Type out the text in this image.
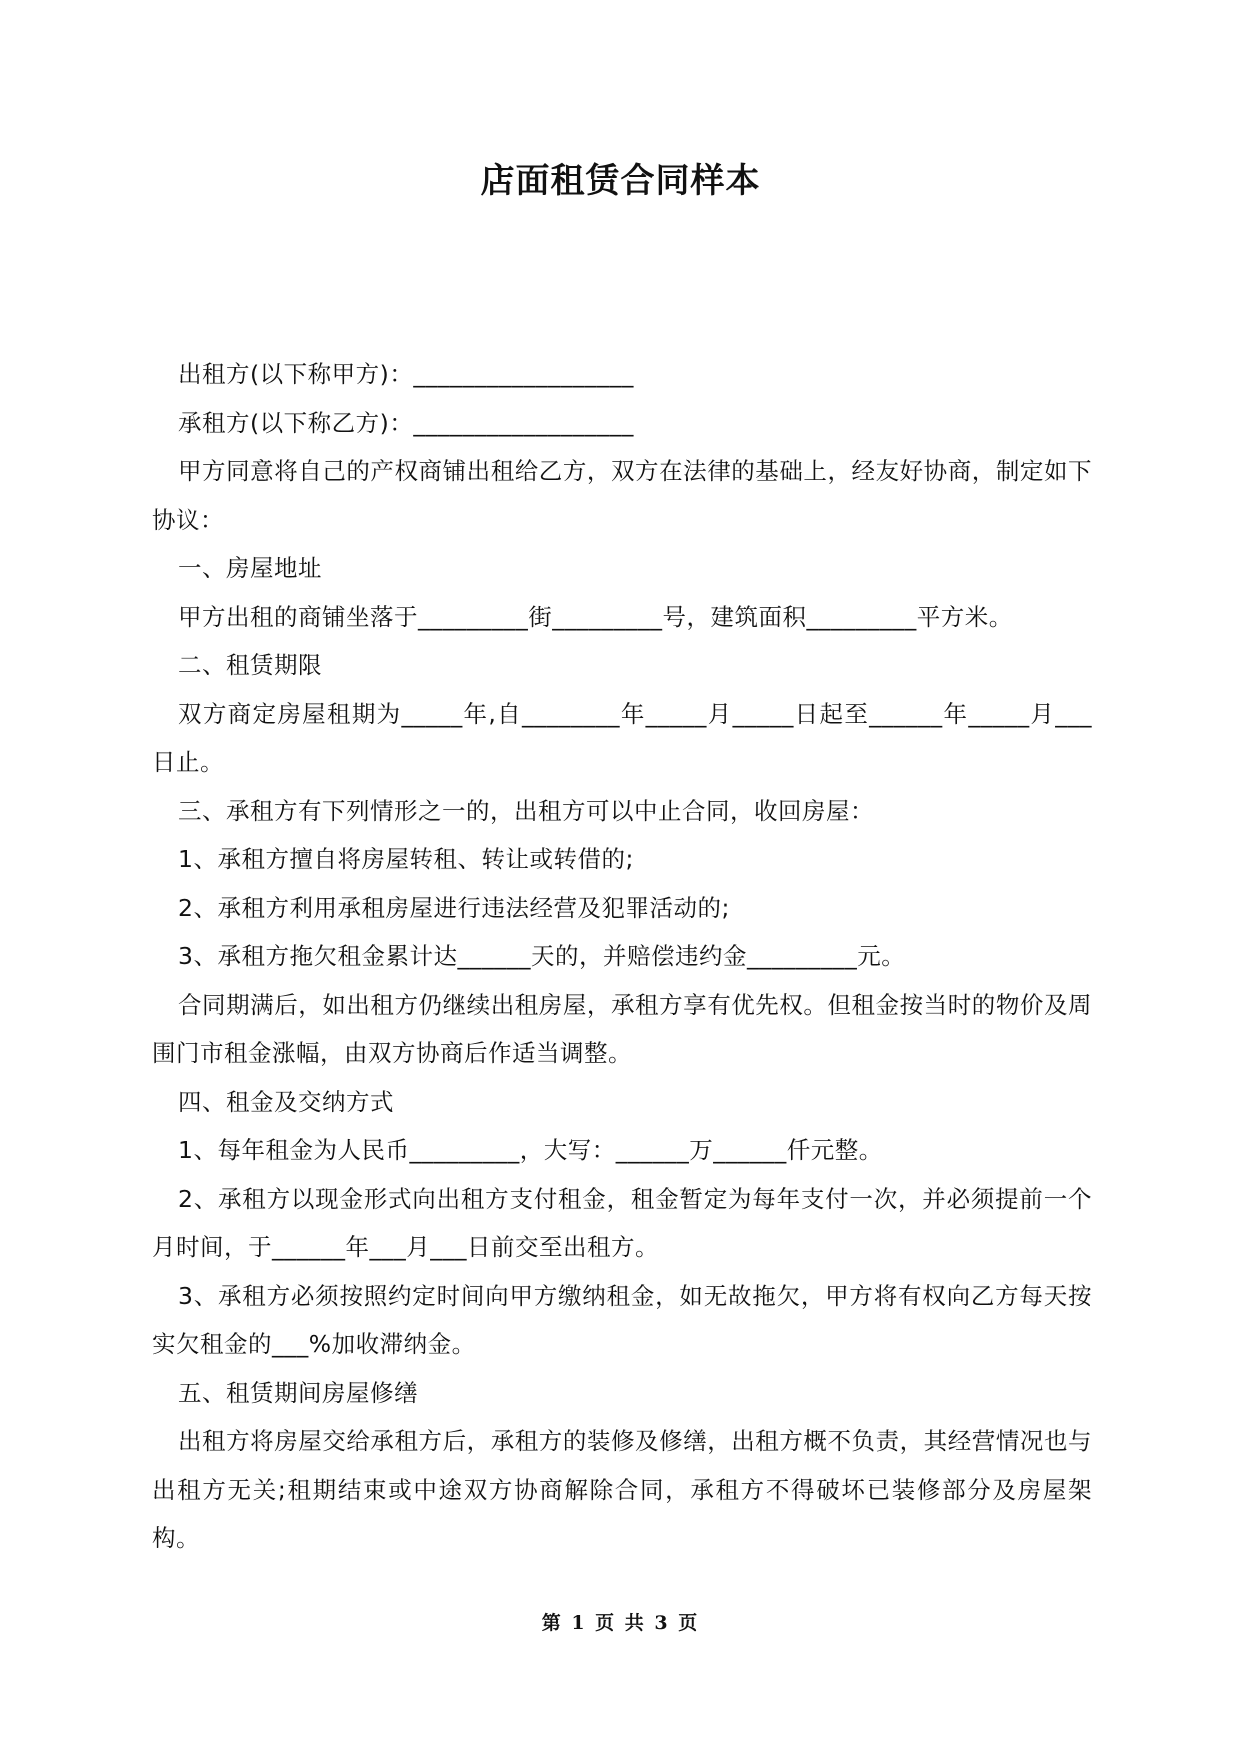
店面租赁合同样本

出租方(以下称甲方)：__________________

承租方(以下称乙方)：__________________

甲方同意将自己的产权商铺出租给乙方，双方在法律的基础上，经友好协商，制定如下协议：

一、房屋地址

甲方出租的商铺坐落于_________街_________号，建筑面积_________平方米。

二、租赁期限

双方商定房屋租期为_____年,自________年_____月_____日起至______年_____月___日止。

三、承租方有下列情形之一的，出租方可以中止合同，收回房屋：

1、承租方擅自将房屋转租、转让或转借的;

2、承租方利用承租房屋进行违法经营及犯罪活动的;

3、承租方拖欠租金累计达______天的，并赔偿违约金_________元。

合同期满后，如出租方仍继续出租房屋，承租方享有优先权。但租金按当时的物价及周围门市租金涨幅，由双方协商后作适当调整。

四、租金及交纳方式

1、每年租金为人民币_________，大写：______万______仟元整。

2、承租方以现金形式向出租方支付租金，租金暂定为每年支付一次，并必须提前一个月时间，于______年___月___日前交至出租方。

3、承租方必须按照约定时间向甲方缴纳租金，如无故拖欠，甲方将有权向乙方每天按实欠租金的___%加收滞纳金。

五、租赁期间房屋修缮

出租方将房屋交给承租方后，承租方的装修及修缮，出租方概不负责，其经营情况也与出租方无关;租期结束或中途双方协商解除合同，承租方不得破坏已装修部分及房屋架构。

第 1 页 共 3 页
